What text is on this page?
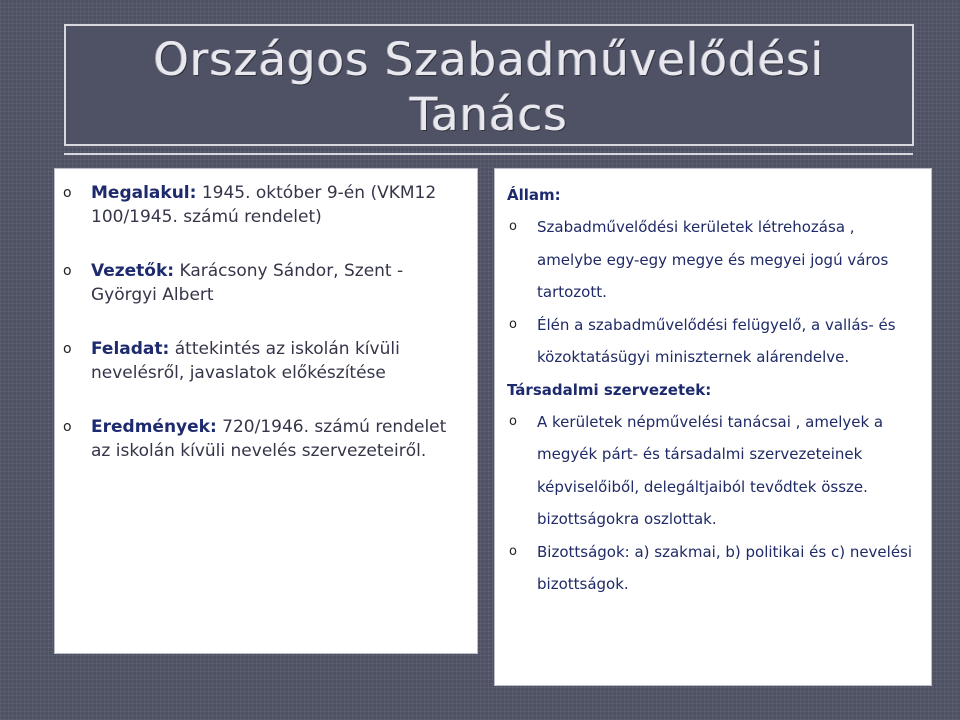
Országos Szabadművelődési
Tanács
o Megalakul: 1945. október 9-én (VKM12 100/1945. számú rendelet)
o Vezetők: Karácsony Sándor, Szent - Györgyi Albert
o Feladat: áttekintés az iskolán kívüli nevelésről, javaslatok előkészítése
o Eredmények: 720/1946. számú rendelet az iskolán kívüli nevelés szervezeteiről.
Állam:
o Szabadművelődési kerületek létrehozása , amelybe egy-egy megye és megyei jogú város tartozott.
o Élén a szabadművelődési felügyelő, a vallás- és közoktatásügyi miniszternek alárendelve.
Társadalmi szervezetek:
o A kerületek népművelési tanácsai , amelyek a megyék párt- és társadalmi szervezeteinek képviselőiből, delegáltjaiból tevődtek össze. bizottságokra oszlottak.
o Bizottságok: a) szakmai, b) politikai és c) nevelési bizottságok.
